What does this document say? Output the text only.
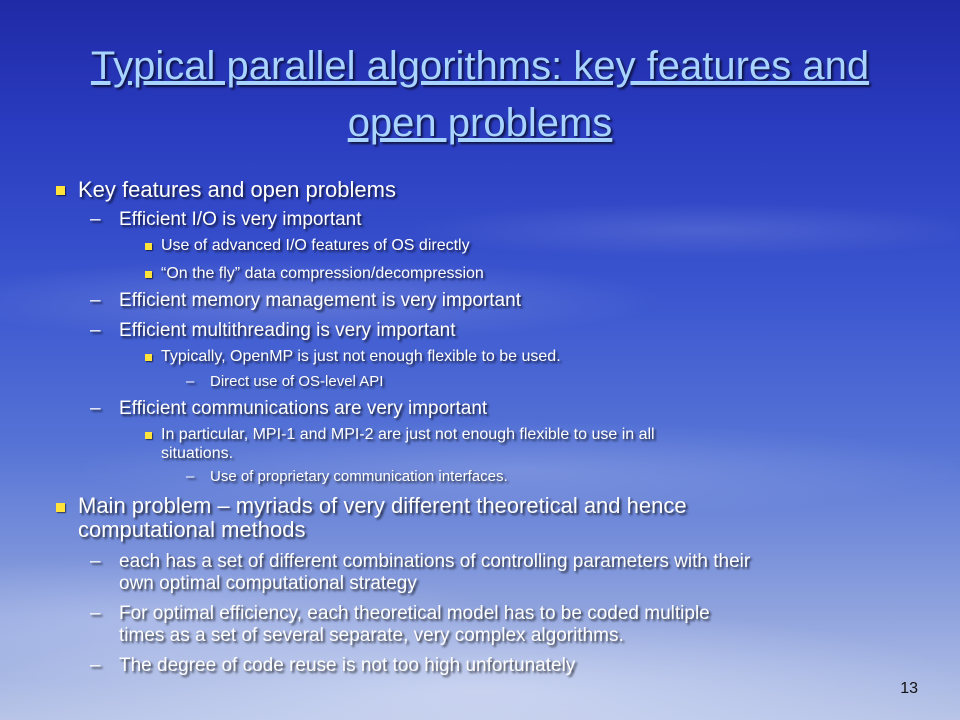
Typical parallel algorithms: key features and open problems
Key features and open problems
– Efficient I/O is very important
Use of advanced I/O features of OS directly
“On the fly” data compression/decompression
– Efficient memory management is very important
– Efficient multithreading is very important
Typically, OpenMP is just not enough flexible to be used.
– Direct use of OS-level API
– Efficient communications are very important
In particular, MPI-1 and MPI-2 are just not enough flexible to use in all
situations.
– Use of proprietary communication interfaces.
Main problem – myriads of very different theoretical and hence
computational methods
– each has a set of different combinations of controlling parameters with their
own optimal computational strategy
– For optimal efficiency, each theoretical model has to be coded multiple
times as a set of several separate, very complex algorithms.
– The degree of code reuse is not too high unfortunately
13
